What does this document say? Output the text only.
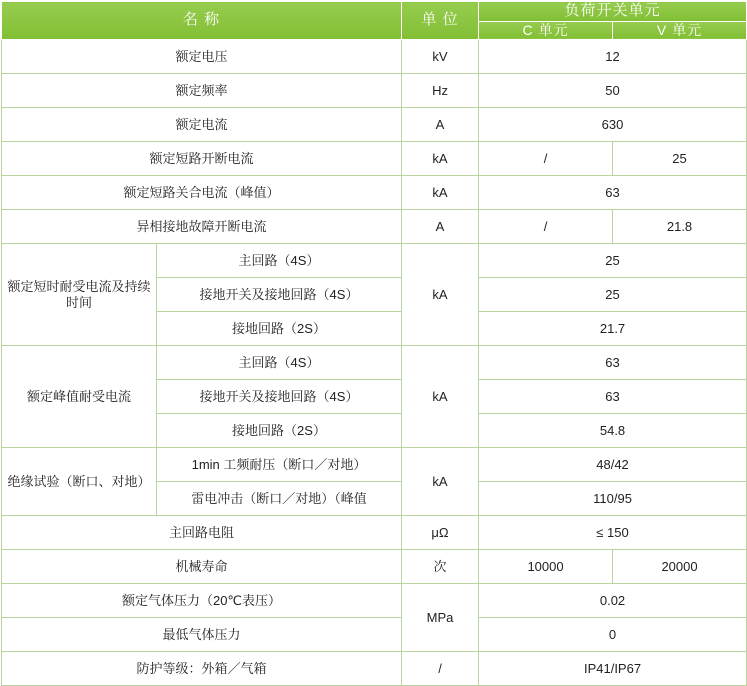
名 称		单 位	负荷开关单元	
			C 单元	V 单元
额定电压		kV	12	
额定频率		Hz	50	
额定电流		A	630	
额定短路开断电流		kA	/	25
额定短路关合电流（峰值）		kA	63	
异相接地故障开断电流		A	/	21.8
额定短时耐受电流及持续时间	主回路（4S）	kA	25	
	接地开关及接地回路（4S）		25	
	接地回路（2S）		21.7	
额定峰值耐受电流	主回路（4S）	kA	63	
	接地开关及接地回路（4S）		63	
	接地回路（2S）		54.8	
绝缘试验（断口、对地）	1min 工频耐压（断口／对地）	kA	48/42	
	雷电冲击（断口／对地）（峰值		110/95	
主回路电阻		μΩ	≤ 150	
机械寿命		次	10000	20000
额定气体压力（20℃表压）		MPa	0.02	
最低气体压力			0	
防护等级：外箱／气箱		/	IP41/IP67	
